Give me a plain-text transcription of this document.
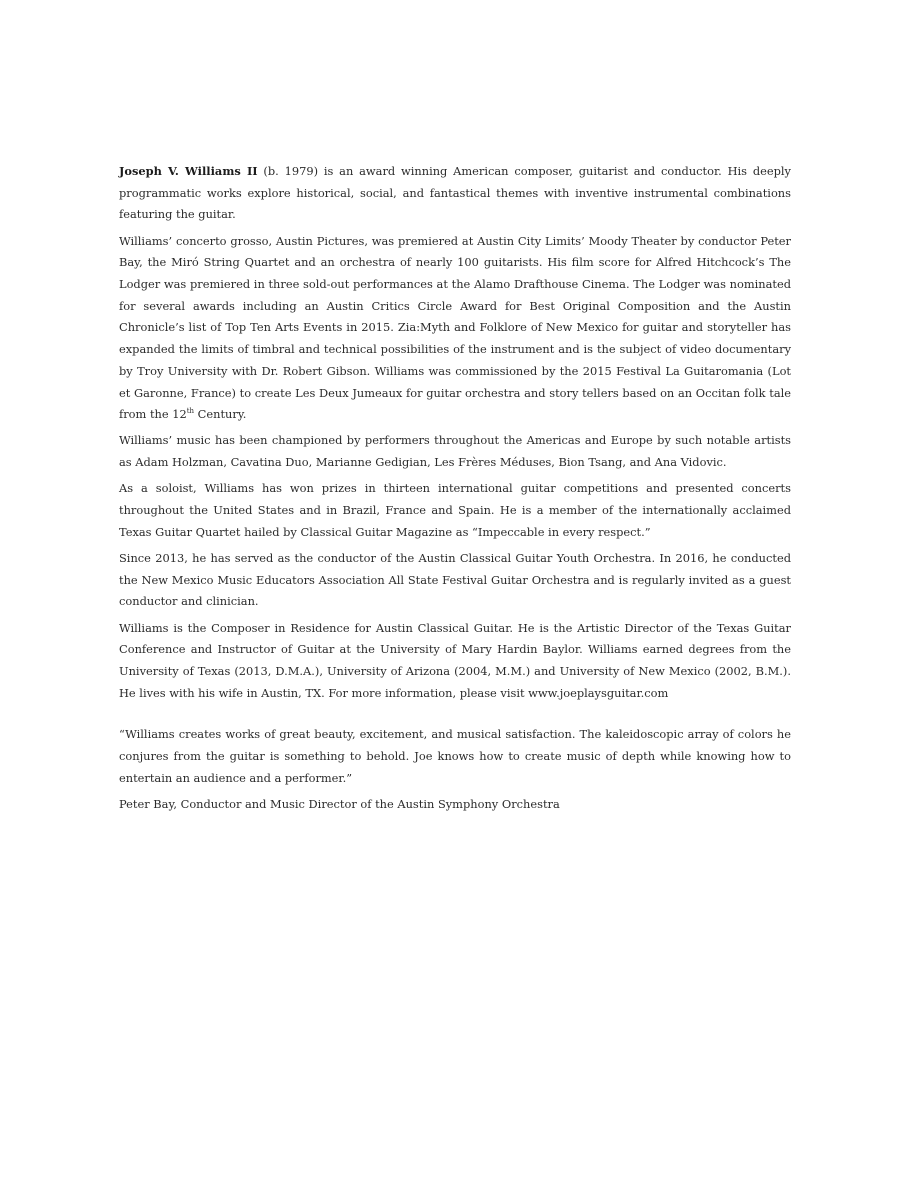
Joseph V. Williams II (b. 1979) is an award winning American composer, guitarist and conductor. His deeply programmatic works explore historical, social, and fantastical themes with inventive instrumental combinations featuring the guitar.

Williams’ concerto grosso, Austin Pictures, was premiered at Austin City Limits’ Moody Theater by conductor Peter Bay, the Miró String Quartet and an orchestra of nearly 100 guitarists. His film score for Alfred Hitchcock’s The Lodger was premiered in three sold-out performances at the Alamo Drafthouse Cinema. The Lodger was nominated for several awards including an Austin Critics Circle Award for Best Original Composition and the Austin Chronicle’s list of Top Ten Arts Events in 2015. Zia:Myth and Folklore of New Mexico for guitar and storyteller has expanded the limits of timbral and technical possibilities of the instrument and is the subject of video documentary by Troy University with Dr. Robert Gibson. Williams was commissioned by the 2015 Festival La Guitaromania (Lot et Garonne, France) to create Les Deux Jumeaux for guitar orchestra and story tellers based on an Occitan folk tale from the 12th Century.

Williams’ music has been championed by performers throughout the Americas and Europe by such notable artists as Adam Holzman, Cavatina Duo, Marianne Gedigian, Les Frères Méduses, Bion Tsang, and Ana Vidovic.

As a soloist, Williams has won prizes in thirteen international guitar competitions and presented concerts throughout the United States and in Brazil, France and Spain. He is a member of the internationally acclaimed Texas Guitar Quartet hailed by Classical Guitar Magazine as “Impeccable in every respect.”

Since 2013, he has served as the conductor of the Austin Classical Guitar Youth Orchestra. In 2016, he conducted the New Mexico Music Educators Association All State Festival Guitar Orchestra and is regularly invited as a guest conductor and clinician.

Williams is the Composer in Residence for Austin Classical Guitar. He is the Artistic Director of the Texas Guitar Conference and Instructor of Guitar at the University of Mary Hardin Baylor. Williams earned degrees from the University of Texas (2013, D.M.A.), University of Arizona (2004, M.M.) and University of New Mexico (2002, B.M.). He lives with his wife in Austin, TX. For more information, please visit www.joeplaysguitar.com

“Williams creates works of great beauty, excitement, and musical satisfaction. The kaleidoscopic array of colors he conjures from the guitar is something to behold. Joe knows how to create music of depth while knowing how to entertain an audience and a performer.”

Peter Bay, Conductor and Music Director of the Austin Symphony Orchestra
